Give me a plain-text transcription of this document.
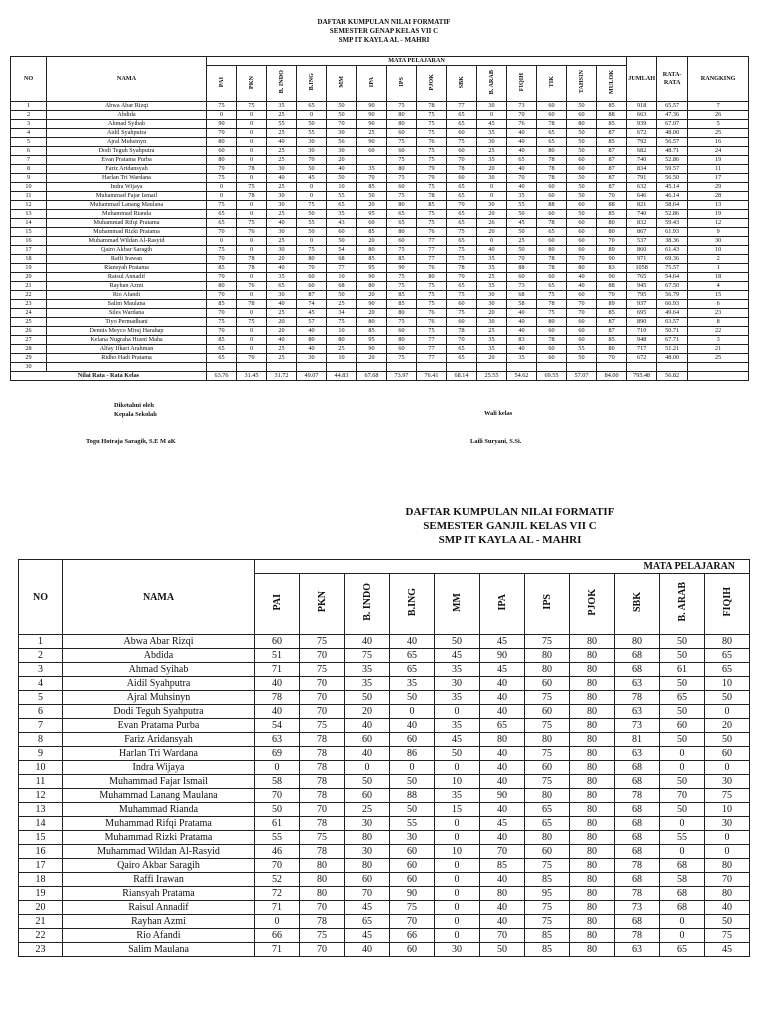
DAFTAR KUMPULAN NILAI FORMATIF
SEMESTER GENAP KELAS VII C
SMP IT KAYLA AL - MAHRI
NO	NAMA	MATA PELAJARAN														JUMLAH	RATA-RATA	RANGKING
		PAI	PKN	B. INDO	B.ING	MM	IPA	IPS	PJOK	SBK	B. ARAB	FIQIH	TIK	TAHSIN	MULOK			
1	Abwa Abar Rizqi	75	75	35	65	50	90	75	78	77	30	73	60	50	85	918	65.57	7
2	Abdida	0	0	25	0	50	90	80	75	65	0	70	60	60	88	663	47.36	26
3	Ahmad Syihab	90	0	55	50	70	90	80	75	65	45	76	78	80	85	939	67.07	5
4	Aidil Syahputra	70	0	25	55	30	25	60	75	60	35	40	65	50	87	672	48.00	25
5	Ajral Muhsinyn	80	0	40	30	56	90	75	76	75	30	40	65	50	85	792	56.57	16
6	Dodi Teguh Syahputra	60	0	25	30	30	60	60	75	60	25	40	80	50	87	682	48.71	24
7	Evan Pratama Purba	80	0	25	70	20		75	75	70	35	65	78	60	87	740	52.86	19
8	Fariz Aridansyah	79	78	30	50	40	35	80	79	78	20	40	78	60	87	834	59.57	11
9	Harlan Tri Wardana	75	0	40	45	50	70	75	79	60	30	70	78	50	87	791	56.50	17
10	Indra Wijaya	0	75	25	0	10	85	60	75	65	0	40	60	50	87	632	45.14	29
11	Muhammad Fajar Ismail	0	78	30	0	55	50	75	78	65	0	35	60	50	70	646	46.14	28
12	Muhammad Lanang Maulana	75	0	30	75	65	20	80	85	70	30	55	88	60	88	821	58.64	13
13	Muhammad Rianda	65	0	25	50	35	95	65	75	65	20	50	60	50	85	740	52.86	19
14	Muhammad Rifqi Pratama	65	75	40	55	43	60	65	75	65	26	45	78	60	80	832	59.43	12
15	Muhammad Rizki Pratama	70	76	30	50	60	85	80	76	75	20	50	65	60	80	867	61.93	9
16	Muhammad Wildan Al-Rasyid	0	0	25	0	50	20	60	77	65	0	25	60	60	70	537	38.36	30
17	Qairo Akbar Saragih	75	0	30	75	54	80	75	77	75	40	50	80	60	89	860	61.43	10
18	Raffi Irawan	70	78	20	80	68	85	85	77	75	35	70	78	70	90	971	69.36	2
19	Riansyah Pratama	85	78	40	70	77	95	90	76	78	35	88	78	80	83	1058	75.57	1
20	Raisul Annadif	70	0	35	60	10	90	75	80	70	25	60	60	40	90	765	54.64	18
21	Rayhan Azmi	80	76	65	60	68	80	75	75	65	35	73	65	40	88	945	67.50	4
22	Rio Afandi	70	0	30	87	50	20	85	75	75	30	68	75	60	70	795	56.79	15
23	Salim Maulana	85	78	40	74	25	90	85	75	60	30	58	78	70	89	937	66.93	6
24	Siles Wardana	70	0	25	45	34	20	80	76	75	20	40	75	70	85	695	49.64	23
25	Tiyo Permadhani	75	75	20	57	75	80	75	76	60	30	40	80	60	87	890	63.57	8
26	Dennis Meyco Miraj Harahap	70	0	20	40	10	85	60	75	78	25	40	60	60	87	710	50.71	22
27	Kelana Nugraha Husni Maha	85	0	40	80	80	95	80	77	70	35	83	78	60	85	948	67.71	3
28	Alfay Ifkari Arahman	65	0	25	40	25	90	60	77	65	35	40	60	55	80	717	51.21	21
29	Ridho Hadi Pratama	65	70	25	30	10	20	75	77	65	20	35	60	50	70	672	48.00	25
30																		
Nilai Rata - Rata Kelas		63.76	31.45	31.72	49.07	44.83	67.68	73.97	76.41	68.14	25.55	54.62	69.55	57.07	84.00	795.48	56.82	
Diketahui oleh
Kepala Sekolah
Togu Hotraja Saragih, S.E M aK
Wali kelas
Laili Suryani, S.Si.
DAFTAR KUMPULAN NILAI FORMATIF
SEMESTER GANJIL KELAS VII C
SMP IT KAYLA AL - MAHRI
NO	NAMA	MATA PELAJARAN										
		PAI	PKN	B. INDO	B.ING	MM	IPA	IPS	PJOK	SBK	B. ARAB	FIQIH
1	Abwa Abar Rizqi	60	75	40	40	50	45	75	80	80	50	80
2	Abdida	51	70	75	65	45	90	80	80	68	50	65
3	Ahmad Syihab	71	75	35	65	35	45	80	80	68	61	65
4	Aidil Syahputra	40	70	35	35	30	40	60	80	63	50	10
5	Ajral Muhsinyn	78	70	50	50	35	40	75	80	78	65	50
6	Dodi Teguh Syahputra	40	70	20	0	0	40	60	80	63	50	0
7	Evan Pratama Purba	54	75	40	40	35	65	75	80	73	60	20
8	Fariz Aridansyah	63	78	60	60	45	80	80	80	81	50	50
9	Harlan Tri Wardana	69	78	40	86	50	40	75	80	63	0	60
10	Indra Wijaya	0	78	0	0	0	40	60	80	68	0	0
11	Muhammad Fajar Ismail	58	78	50	50	10	40	75	80	68	50	30
12	Muhammad Lanang Maulana	70	78	60	88	35	90	80	80	78	70	75
13	Muhammad Rianda	50	70	25	50	15	40	65	80	68	50	10
14	Muhammad Rifqi Pratama	61	78	30	55	0	45	65	80	68	0	30
15	Muhammad Rizki Pratama	55	75	80	30	0	40	80	80	68	55	0
16	Muhammad Wildan Al-Rasyid	46	78	30	60	10	70	60	80	68	0	0
17	Qairo Akbar Saragih	70	80	80	60	0	85	75	80	78	68	80
18	Raffi Irawan	52	80	60	60	0	40	85	80	68	58	70
19	Riansyah Pratama	72	80	70	90	0	80	95	80	78	68	80
20	Raisul Annadif	71	70	45	75	0	40	75	80	73	68	40
21	Rayhan Azmi	0	78	65	70	0	40	75	80	68	0	50
22	Rio Afandi	66	75	45	66	0	70	85	80	78	0	75
23	Salim Maulana	71	70	40	60	30	50	85	80	63	65	45
